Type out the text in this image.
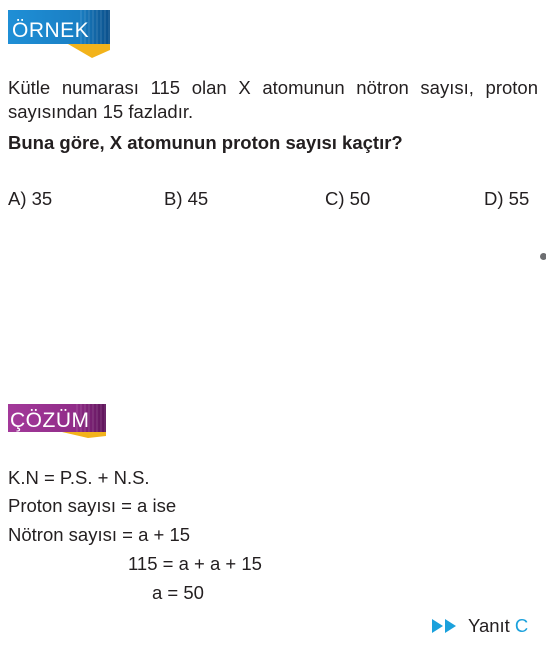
ÖRNEK
Kütle numarası 115 olan X atomunun nötron sayısı, proton sayısından 15 fazladır.
Buna göre, X atomunun proton sayısı kaçtır?
A) 35	B) 45	C) 50	D) 55
ÇÖZÜM
K.N = P.S. + N.S.
Proton sayısı = a ise
Nötron sayısı = a + 15
115 = a + a + 15
a = 50
Yanıt C
